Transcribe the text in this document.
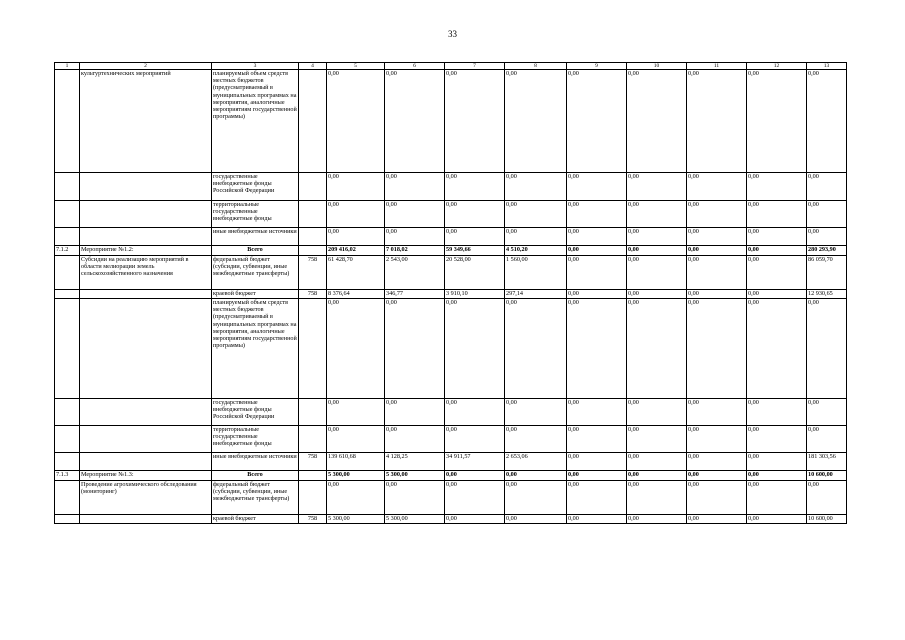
33
1	2	3	4	5	6	7	8	9	10	11	12	13
	культуртехнических мероприятий	планируемый объем средств местных бюджетов (предусматриваемый в муниципальных программах на мероприятия, аналогичные мероприятиям государственной программы)		0,00	0,00	0,00	0,00	0,00	0,00	0,00	0,00	0,00
		государственные внебюджетные фонды Российской Федерации		0,00	0,00	0,00	0,00	0,00	0,00	0,00	0,00	0,00
		территориальные государственные внебюджетные фонды		0,00	0,00	0,00	0,00	0,00	0,00	0,00	0,00	0,00
		иные внебюджетные источники		0,00	0,00	0,00	0,00	0,00	0,00	0,00	0,00	0,00
7.1.2	Мероприятие №1.2:	Всего		209 416,02	7 018,02	59 349,66	4 510,20	0,00	0,00	0,00	0,00	280 293,90
	Субсидии на реализацию мероприятий в области мелиорации земель сельскохозяйственного назначения	федеральный бюджет (субсидии, субвенции, иные межбюджетные трансферты)	758	61 428,70	2 543,00	20 528,00	1 560,00	0,00	0,00	0,00	0,00	86 059,70
		краевой бюджет	758	8 376,64	346,77	3 910,10	297,14	0,00	0,00	0,00	0,00	12 930,65
		планируемый объем средств местных бюджетов (предусматриваемый в муниципальных программах на мероприятия, аналогичные мероприятиям государственной программы)		0,00	0,00	0,00	0,00	0,00	0,00	0,00	0,00	0,00
		государственные внебюджетные фонды Российской Федерации		0,00	0,00	0,00	0,00	0,00	0,00	0,00	0,00	0,00
		территориальные государственные внебюджетные фонды		0,00	0,00	0,00	0,00	0,00	0,00	0,00	0,00	0,00
		иные внебюджетные источники	758	139 610,68	4 128,25	34 911,57	2 653,06	0,00	0,00	0,00	0,00	181 303,56
7.1.3	Мероприятие №1.3:	Всего		5 300,00	5 300,00	0,00	0,00	0,00	0,00	0,00	0,00	10 600,00
	Проведение агрохимического обследования (мониторинг)	федеральный бюджет (субсидии, субвенции, иные межбюджетные трансферты)		0,00	0,00	0,00	0,00	0,00	0,00	0,00	0,00	0,00
		краевой бюджет	758	5 300,00	5 300,00	0,00	0,00	0,00	0,00	0,00	0,00	10 600,00
